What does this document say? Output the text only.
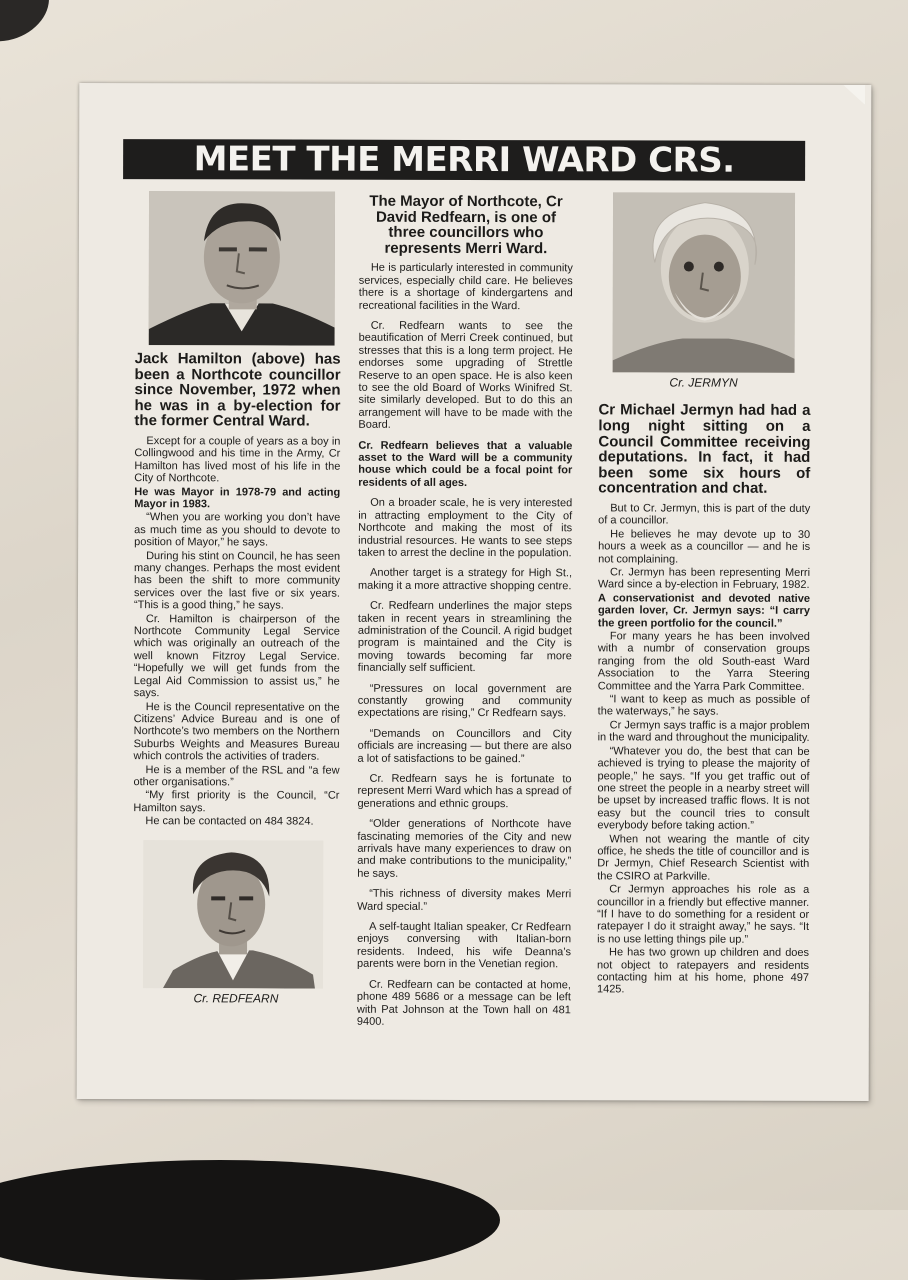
MEET THE MERRI WARD CRS.
Jack Hamilton (above) has been a Northcote councillor since November, 1972 when he was in a by-election for the former Central Ward.
Except for a couple of years as a boy in Collingwood and his time in the Army, Cr Hamilton has lived most of his life in the City of Northcote.
He was Mayor in 1978-79 and acting Mayor in 1983.
“When you are working you don’t have as much time as you should to devote to position of Mayor,” he says.
During his stint on Council, he has seen many changes. Perhaps the most evident has been the shift to more community services over the last five or six years. “This is a good thing,” he says.
Cr. Hamilton is chairperson of the Northcote Community Legal Service which was originally an outreach of the well known Fitzroy Legal Service. “Hopefully we will get funds from the Legal Aid Commission to assist us,” he says.
He is the Council representative on the Citizens’ Advice Bureau and is one of Northcote’s two members on the Northern Suburbs Weights and Measures Bureau which controls the activities of traders.
He is a member of the RSL and “a few other organisations.”
“My first priority is the Council, “Cr Hamilton says.
He can be contacted on 484 3824.
Cr. REDFEARN
The Mayor of Northcote, Cr David Redfearn, is one of three councillors who represents Merri Ward.
He is particularly interested in community services, especially child care. He believes there is a shortage of kindergartens and recreational facilities in the Ward.
Cr. Redfearn wants to see the beautification of Merri Creek continued, but stresses that this is a long term project. He endorses some upgrading of Strettle Reserve to an open space. He is also keen to see the old Board of Works Winifred St. site similarly developed. But to do this an arrangement will have to be made with the Board.
Cr. Redfearn believes that a valuable asset to the Ward will be a community house which could be a focal point for residents of all ages.
On a broader scale, he is very interested in attracting employment to the City of Northcote and making the most of its industrial resources. He wants to see steps taken to arrest the decline in the population.
Another target is a strategy for High St., making it a more attractive shopping centre.
Cr. Redfearn underlines the major steps taken in recent years in streamlining the administration of the Council. A rigid budget program is maintained and the City is moving towards becoming far more financially self sufficient.
“Pressures on local government are constantly growing and community expectations are rising,” Cr Redfearn says.
“Demands on Councillors and City officials are increasing — but there are also a lot of satisfactions to be gained.”
Cr. Redfearn says he is fortunate to represent Merri Ward which has a spread of generations and ethnic groups.
“Older generations of Northcote have fascinating memories of the City and new arrivals have many experiences to draw on and make contributions to the municipality,” he says.
“This richness of diversity makes Merri Ward special.”
A self-taught Italian speaker, Cr Redfearn enjoys conversing with Italian-born residents. Indeed, his wife Deanna’s parents were born in the Venetian region.
Cr. Redfearn can be contacted at home, phone 489 5686 or a message can be left with Pat Johnson at the Town hall on 481 9400.
Cr. JERMYN
Cr Michael Jermyn had had a long night sitting on a Council Committee receiving deputations. In fact, it had been some six hours of concentration and chat.
But to Cr. Jermyn, this is part of the duty of a councillor.
He believes he may devote up to 30 hours a week as a councillor — and he is not complaining.
Cr. Jermyn has been representing Merri Ward since a by-election in February, 1982.
A conservationist and devoted native garden lover, Cr. Jermyn says: “I carry the green portfolio for the council.”
For many years he has been involved with a numbr of conservation groups ranging from the old South-east Ward Association to the Yarra Steering Committee and the Yarra Park Committee.
“I want to keep as much as possible of the waterways,” he says.
Cr Jermyn says traffic is a major problem in the ward and throughout the municipality.
“Whatever you do, the best that can be achieved is trying to please the majority of people,” he says. “If you get traffic out of one street the people in a nearby street will be upset by increased traffic flows. It is not easy but the council tries to consult everybody before taking action.”
When not wearing the mantle of city office, he sheds the title of councillor and is Dr Jermyn, Chief Research Scientist with the CSIRO at Parkville.
Cr Jermyn approaches his role as a councillor in a friendly but effective manner. “If I have to do something for a resident or ratepayer I do it straight away,” he says. “It is no use letting things pile up.”
He has two grown up children and does not object to ratepayers and residents contacting him at his home, phone 497 1425.
